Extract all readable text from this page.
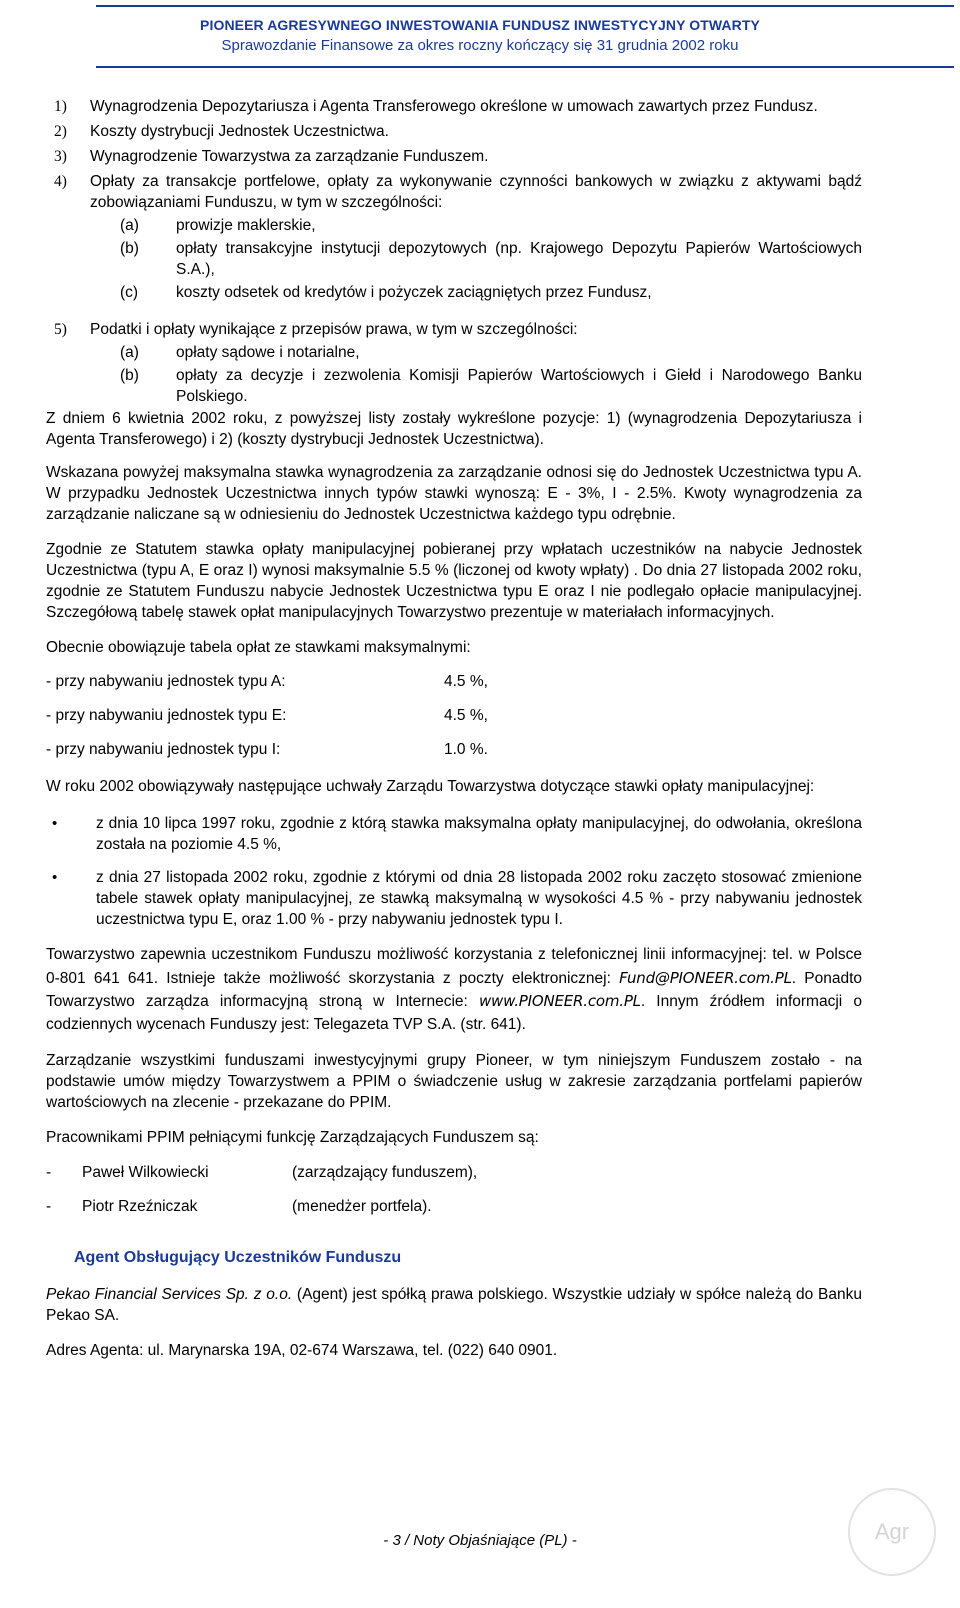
PIONEER AGRESYWNEGO INWESTOWANIA FUNDUSZ INWESTYCYJNY OTWARTY
Sprawozdanie Finansowe za okres roczny kończący się 31 grudnia 2002 roku
1)	Wynagrodzenia Depozytariusza i Agenta Transferowego określone w umowach zawartych przez Fundusz.
2)	Koszty dystrybucji Jednostek Uczestnictwa.
3)	Wynagrodzenie Towarzystwa za zarządzanie Funduszem.
4)	Opłaty za transakcje portfelowe, opłaty za wykonywanie czynności bankowych w związku z aktywami bądź zobowiązaniami Funduszu, w tym w szczególności:
(a)	prowizje maklerskie,
(b)	opłaty transakcyjne instytucji depozytowych (np. Krajowego Depozytu Papierów Wartościowych S.A.),
(c)	koszty odsetek od kredytów i pożyczek zaciągniętych przez Fundusz,
5)	Podatki i opłaty wynikające z przepisów prawa, w tym w szczególności:
(a)	opłaty sądowe i notarialne,
(b)	opłaty za decyzje i zezwolenia Komisji Papierów Wartościowych i Giełd i Narodowego Banku Polskiego.

Z dniem 6 kwietnia 2002 roku, z powyższej listy zostały wykreślone pozycje: 1) (wynagrodzenia Depozytariusza i Agenta Transferowego) i 2) (koszty dystrybucji Jednostek Uczestnictwa).

Wskazana powyżej maksymalna stawka wynagrodzenia za zarządzanie odnosi się do Jednostek Uczestnictwa typu A. W przypadku Jednostek Uczestnictwa innych typów stawki wynoszą: E - 3%, I - 2.5%. Kwoty wynagrodzenia za zarządzanie naliczane są w odniesieniu do Jednostek Uczestnictwa każdego typu odrębnie.

Zgodnie ze Statutem stawka opłaty manipulacyjnej pobieranej przy wpłatach uczestników na nabycie Jednostek Uczestnictwa (typu A, E oraz I) wynosi maksymalnie 5.5 % (liczonej od kwoty wpłaty) . Do dnia 27 listopada 2002 roku, zgodnie ze Statutem Funduszu nabycie Jednostek Uczestnictwa typu E oraz I nie podlegało opłacie manipulacyjnej. Szczegółową tabelę stawek opłat manipulacyjnych Towarzystwo prezentuje w materiałach informacyjnych.

Obecnie obowiązuje tabela opłat ze stawkami maksymalnymi:

- przy nabywaniu jednostek typu A:	4.5 %,
- przy nabywaniu jednostek typu E:	4.5 %,
- przy nabywaniu jednostek typu I:	1.0 %.

W roku 2002 obowiązywały następujące uchwały Zarządu Towarzystwa dotyczące stawki opłaty manipulacyjnej:

•	z dnia 10 lipca 1997 roku, zgodnie z którą stawka maksymalna opłaty manipulacyjnej, do odwołania, określona została na poziomie 4.5 %,
•	z dnia 27 listopada 2002 roku, zgodnie z którymi od dnia 28 listopada 2002 roku zaczęto stosować zmienione tabele stawek opłaty manipulacyjnej, ze stawką maksymalną w wysokości 4.5 % - przy nabywaniu jednostek uczestnictwa typu E, oraz 1.00 % - przy nabywaniu jednostek typu I.

Towarzystwo zapewnia uczestnikom Funduszu możliwość korzystania z telefonicznej linii informacyjnej: tel. w Polsce 0-801 641 641. Istnieje także możliwość skorzystania z poczty elektronicznej: Fund@PIONEER.com.PL. Ponadto Towarzystwo zarządza informacyjną stroną w Internecie: www.PIONEER.com.PL. Innym źródłem informacji o codziennych wycenach Funduszy jest: Telegazeta TVP S.A. (str. 641).

Zarządzanie wszystkimi funduszami inwestycyjnymi grupy Pioneer, w tym niniejszym Funduszem zostało - na podstawie umów między Towarzystwem a PPIM o świadczenie usług w zakresie zarządzania portfelami papierów wartościowych na zlecenie - przekazane do PPIM.

Pracownikami PPIM pełniącymi funkcję Zarządzających Funduszem są:

-	Paweł Wilkowiecki	(zarządzający funduszem),
-	Piotr Rzeźniczak	(menedżer portfela).
Agent Obsługujący Uczestników Funduszu

Pekao Financial Services Sp. z o.o. (Agent) jest spółką prawa polskiego. Wszystkie udziały w spółce należą do Banku Pekao SA.

Adres Agenta: ul. Marynarska 19A, 02-674 Warszawa, tel. (022) 640 0901.

- 3 / Noty Objaśniające (PL) -	Agr
